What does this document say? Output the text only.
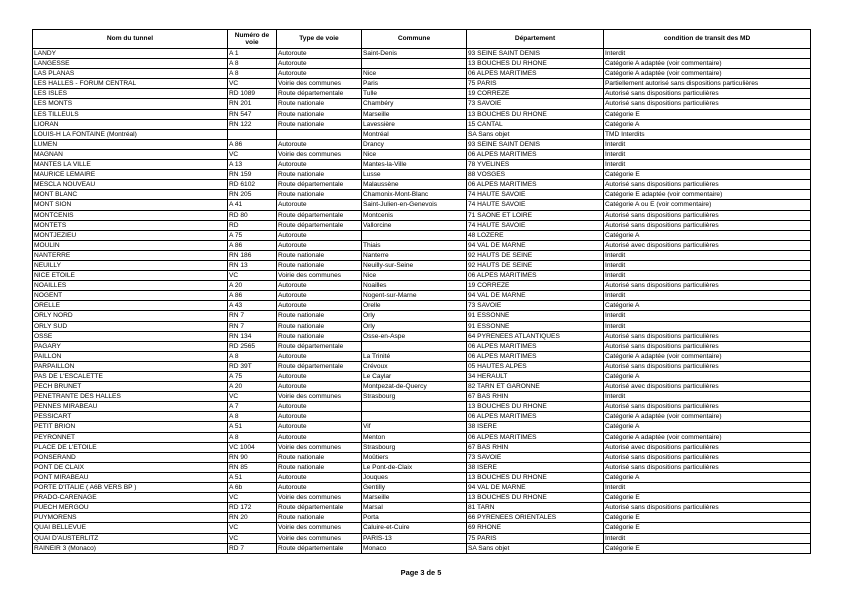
Nom du tunnel	Numéro de voie	Type de voie	Commune	Département	condition de transit des MD
LANDY	A 1	Autoroute	Saint-Denis	93 SEINE SAINT DENIS	Interdit
LANGESSE	A 8	Autoroute		13 BOUCHES DU RHONE	Catégorie A adaptée (voir commentaire)
LAS PLANAS	A 8	Autoroute	Nice	06 ALPES MARITIMES	Catégorie A adaptée (voir commentaire)
LES HALLES - FORUM CENTRAL	VC	Voirie des communes	Paris	75 PARIS	Partiellement autorisé sans dispositions particulières
LES ISLES	RD 1089	Route départementale	Tulle	19 CORREZE	Autorisé sans dispositions particulières
LES MONTS	RN 201	Route nationale	Chambéry	73 SAVOIE	Autorisé sans dispositions particulières
LES TILLEULS	RN 547	Route nationale	Marseille	13 BOUCHES DU RHONE	Catégorie E
LIORAN	RN 122	Route nationale	Lavessière	15 CANTAL	Catégorie A
LOUIS-H LA FONTAINE (Montréal)			Montréal	SA Sans objet	TMD Interdits
LUMEN	A 86	Autoroute	Drancy	93 SEINE SAINT DENIS	Interdit
MAGNAN	VC	Voirie des communes	Nice	06 ALPES MARITIMES	Interdit
MANTES LA VILLE	A 13	Autoroute	Mantes-la-Ville	78 YVELINES	Interdit
MAURICE LEMAIRE	RN 159	Route nationale	Lusse	88 VOSGES	Catégorie E
MESCLA NOUVEAU	RD 6102	Route départementale	Malaussène	06 ALPES MARITIMES	Autorisé sans dispositions particulières
MONT BLANC	RN 205	Route nationale	Chamonix-Mont-Blanc	74 HAUTE SAVOIE	Catégorie E adaptée (voir commentaire)
MONT SION	A 41	Autoroute	Saint-Julien-en-Genevois	74 HAUTE SAVOIE	Catégorie A ou E (voir commentaire)
MONTCENIS	RD 80	Route départementale	Montcenis	71 SAONE ET LOIRE	Autorisé sans dispositions particulières
MONTETS	RD	Route départementale	Vallorcine	74 HAUTE SAVOIE	Autorisé sans dispositions particulières
MONTJEZIEU	A 75	Autoroute		48 LOZERE	Catégorie A
MOULIN	A 86	Autoroute	Thiais	94 VAL DE MARNE	Autorisé avec dispositions particulières
NANTERRE	RN 186	Route nationale	Nanterre	92 HAUTS DE SEINE	Interdit
NEUILLY	RN 13	Route nationale	Neuilly-sur-Seine	92 HAUTS DE SEINE	Interdit
NICE ETOILE	VC	Voirie des communes	Nice	06 ALPES MARITIMES	Interdit
NOAILLES	A 20	Autoroute	Noailles	19 CORREZE	Autorisé sans dispositions particulières
NOGENT	A 86	Autoroute	Nogent-sur-Marne	94 VAL DE MARNE	Interdit
ORELLE	A 43	Autoroute	Orelle	73 SAVOIE	Catégorie A
ORLY NORD	RN 7	Route nationale	Orly	91 ESSONNE	Interdit
ORLY SUD	RN 7	Route nationale	Orly	91 ESSONNE	Interdit
OSSE	RN 134	Route nationale	Osse-en-Aspe	64 PYRENEES ATLANTIQUES	Autorisé sans dispositions particulières
PAGARY	RD 2565	Route départementale		06 ALPES MARITIMES	Autorisé sans dispositions particulières
PAILLON	A 8	Autoroute	La Trinité	06 ALPES MARITIMES	Catégorie A adaptée (voir commentaire)
PARPAILLON	RD 39T	Route départementale	Crévoux	05 HAUTES ALPES	Autorisé sans dispositions particulières
PAS DE L'ESCALETTE	A 75	Autoroute	Le Caylar	34 HERAULT	Catégorie A
PECH BRUNET	A 20	Autoroute	Montpezat-de-Quercy	82 TARN ET GARONNE	Autorisé avec dispositions particulières
PENETRANTE DES HALLES	VC	Voirie des communes	Strasbourg	67 BAS RHIN	Interdit
PENNES MIRABEAU	A 7	Autoroute		13 BOUCHES DU RHONE	Autorisé sans dispositions particulières
PESSICART	A 8	Autoroute		06 ALPES MARITIMES	Catégorie A adaptée (voir commentaire)
PETIT BRION	A 51	Autoroute	Vif	38 ISERE	Catégorie A
PEYRONNET	A 8	Autoroute	Menton	06 ALPES MARITIMES	Catégorie A adaptée (voir commentaire)
PLACE DE L'ETOILE	VC 1004	Voirie des communes	Strasbourg	67 BAS RHIN	Autorisé avec dispositions particulières
PONSERAND	RN 90	Route nationale	Moûtiers	73 SAVOIE	Autorisé sans dispositions particulières
PONT DE CLAIX	RN 85	Route nationale	Le Pont-de-Claix	38 ISERE	Autorisé sans dispositions particulières
PONT MIRABEAU	A 51	Autoroute	Jouques	13 BOUCHES DU RHONE	Catégorie A
PORTE D'ITALIE ( A6B VERS BP )	A 6b	Autoroute	Gentilly	94 VAL DE MARNE	Interdit
PRADO-CARENAGE	VC	Voirie des communes	Marseille	13 BOUCHES DU RHONE	Catégorie E
PUECH MERGOU	RD 172	Route départementale	Marsal	81 TARN	Autorisé sans dispositions particulières
PUYMORENS	RN 20	Route nationale	Porta	66 PYRENEES ORIENTALES	Catégorie E
QUAI BELLEVUE	VC	Voirie des communes	Caluire-et-Cuire	69 RHONE	Catégorie E
QUAI D'AUSTERLITZ	VC	Voirie des communes	PARIS-13	75 PARIS	Interdit
RAINEIR 3 (Monaco)	RD 7	Route départementale	Monaco	SA Sans objet	Catégorie E
Page 3 de 5
